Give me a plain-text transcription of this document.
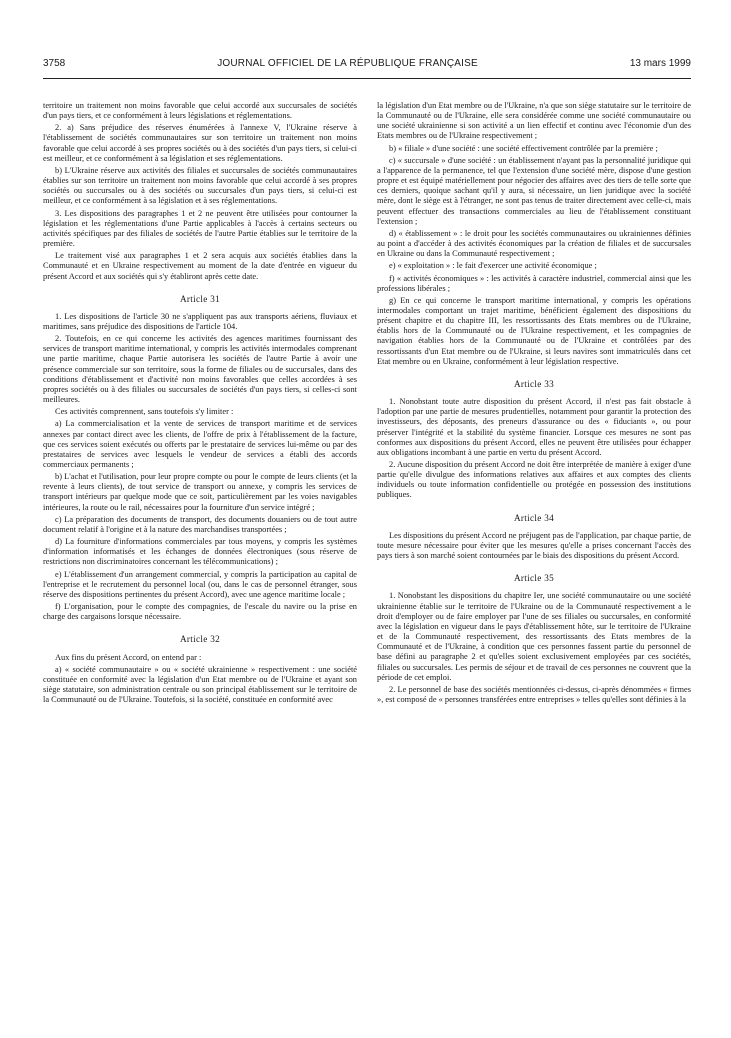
3758	JOURNAL OFFICIEL DE LA RÉPUBLIQUE FRANÇAISE	13 mars 1999

territoire un traitement non moins favorable que celui accordé aux succursales de sociétés d'un pays tiers, et ce conformément à leurs législations et réglementations.

2. a) Sans préjudice des réserves énumérées à l'annexe V, l'Ukraine réserve à l'établissement de sociétés communautaires sur son territoire un traitement non moins favorable que celui accordé à ses propres sociétés ou à des sociétés d'un pays tiers, si celui-ci est meilleur, et ce conformément à sa législation et ses réglementations.

b) L'Ukraine réserve aux activités des filiales et succursales de sociétés communautaires établies sur son territoire un traitement non moins favorable que celui accordé à ses propres sociétés ou succursales ou à des sociétés ou succursales d'un pays tiers, si celui-ci est meilleur, et ce conformément à sa législation et à ses réglementations.

3. Les dispositions des paragraphes 1 et 2 ne peuvent être utilisées pour contourner la législation et les réglementations d'une Partie applicables à l'accès à certains secteurs ou activités spécifiques par des filiales de sociétés de l'autre Partie établies sur le territoire de la première.

Le traitement visé aux paragraphes 1 et 2 sera acquis aux sociétés établies dans la Communauté et en Ukraine respectivement au moment de la date d'entrée en vigueur du présent Accord et aux sociétés qui s'y établiront après cette date.

Article 31

1. Les dispositions de l'article 30 ne s'appliquent pas aux transports aériens, fluviaux et maritimes, sans préjudice des dispositions de l'article 104.

2. Toutefois, en ce qui concerne les activités des agences maritimes fournissant des services de transport maritime international, y compris les activités intermodales comprenant une partie maritime, chaque Partie autorisera les sociétés de l'autre Partie à avoir une présence commerciale sur son territoire, sous la forme de filiales ou de succursales, dans des conditions d'établissement et d'activité non moins favorables que celles accordées à ses propres sociétés ou à des filiales ou succursales de sociétés d'un pays tiers, si celles-ci sont meilleures.

Ces activités comprennent, sans toutefois s'y limiter :

a) La commercialisation et la vente de services de transport maritime et de services annexes par contact direct avec les clients, de l'offre de prix à l'établissement de la facture, que ces services soient exécutés ou offerts par le prestataire de services lui-même ou par des prestataires de services avec lesquels le vendeur de services a établi des accords commerciaux permanents ;

b) L'achat et l'utilisation, pour leur propre compte ou pour le compte de leurs clients (et la revente à leurs clients), de tout service de transport ou annexe, y compris les services de transport intérieurs par quelque mode que ce soit, particulièrement par les voies navigables intérieures, la route ou le rail, nécessaires pour la fourniture d'un service intégré ;

c) La préparation des documents de transport, des documents douaniers ou de tout autre document relatif à l'origine et à la nature des marchandises transportées ;

d) La fourniture d'informations commerciales par tous moyens, y compris les systèmes d'information informatisés et les échanges de données électroniques (sous réserve de restrictions non discriminatoires concernant les télécommunications) ;

e) L'établissement d'un arrangement commercial, y compris la participation au capital de l'entreprise et le recrutement du personnel local (ou, dans le cas de personnel étranger, sous réserve des dispositions pertinentes du présent Accord), avec une agence maritime locale ;

f) L'organisation, pour le compte des compagnies, de l'escale du navire ou la prise en charge des cargaisons lorsque nécessaire.

Article 32

Aux fins du présent Accord, on entend par :

a) « société communautaire » ou « société ukrainienne » respectivement : une société constituée en conformité avec la législation d'un Etat membre ou de l'Ukraine et ayant son siège statutaire, son administration centrale ou son principal établissement sur le territoire de la Communauté ou de l'Ukraine. Toutefois, si la société, constituée en conformité avec

la législation d'un Etat membre ou de l'Ukraine, n'a que son siège statutaire sur le territoire de la Communauté ou de l'Ukraine, elle sera considérée comme une société communautaire ou une société ukrainienne si son activité a un lien effectif et continu avec l'économie d'un des Etats membres ou de l'Ukraine respectivement ;

b) « filiale » d'une société : une société effectivement contrôlée par la première ;

c) « succursale » d'une société : un établissement n'ayant pas la personnalité juridique qui a l'apparence de la permanence, tel que l'extension d'une société mère, dispose d'une gestion propre et est équipé matériellement pour négocier des affaires avec des tiers de telle sorte que ces derniers, quoique sachant qu'il y aura, si nécessaire, un lien juridique avec la société mère, dont le siège est à l'étranger, ne sont pas tenus de traiter directement avec celle-ci, mais peuvent effectuer des transactions commerciales au lieu de l'établissement constituant l'extension ;

d) « établissement » : le droit pour les sociétés communautaires ou ukrainiennes définies au point a d'accéder à des activités économiques par la création de filiales et de succursales en Ukraine ou dans la Communauté respectivement ;

e) « exploitation » : le fait d'exercer une activité économique ;

f) « activités économiques » : les activités à caractère industriel, commercial ainsi que les professions libérales ;

g) En ce qui concerne le transport maritime international, y compris les opérations intermodales comportant un trajet maritime, bénéficient également des dispositions du présent chapitre et du chapitre III, les ressortissants des Etats membres ou de l'Ukraine, établis hors de la Communauté ou de l'Ukraine respectivement, et les compagnies de navigation établies hors de la Communauté ou de l'Ukraine et contrôlées par des ressortissants d'un Etat membre ou de l'Ukraine, si leurs navires sont immatriculés dans cet Etat membre ou en Ukraine, conformément à leur législation respective.

Article 33

1. Nonobstant toute autre disposition du présent Accord, il n'est pas fait obstacle à l'adoption par une partie de mesures prudentielles, notamment pour garantir la protection des investisseurs, des déposants, des preneurs d'assurance ou des « fiduciants », ou pour préserver l'intégrité et la stabilité du système financier. Lorsque ces mesures ne sont pas conformes aux dispositions du présent Accord, elles ne peuvent être utilisées pour échapper aux obligations incombant à une partie en vertu du présent Accord.

2. Aucune disposition du présent Accord ne doit être interprétée de manière à exiger d'une partie qu'elle divulgue des informations relatives aux affaires et aux comptes des clients individuels ou toute information confidentielle ou protégée en possession des institutions publiques.

Article 34

Les dispositions du présent Accord ne préjugent pas de l'application, par chaque partie, de toute mesure nécessaire pour éviter que les mesures qu'elle a prises concernant l'accès des pays tiers à son marché soient contournées par le biais des dispositions du présent Accord.

Article 35

1. Nonobstant les dispositions du chapitre Ier, une société communautaire ou une société ukrainienne établie sur le territoire de l'Ukraine ou de la Communauté respectivement a le droit d'employer ou de faire employer par l'une de ses filiales ou succursales, en conformité avec la législation en vigueur dans le pays d'établissement hôte, sur le territoire de l'Ukraine et de la Communauté respectivement, des ressortissants des Etats membres de la Communauté et de l'Ukraine, à condition que ces personnes fassent partie du personnel de base défini au paragraphe 2 et qu'elles soient exclusivement employées par ces sociétés, filiales ou succursales. Les permis de séjour et de travail de ces personnes ne couvrent que la période de cet emploi.

2. Le personnel de base des sociétés mentionnées ci-dessus, ci-après dénommées « firmes », est composé de « personnes transférées entre entreprises » telles qu'elles sont définies à la
